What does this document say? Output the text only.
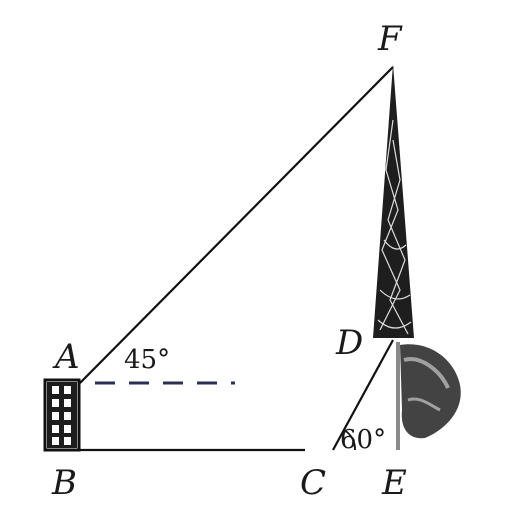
A
B	C
D
E
F
45°
60°
